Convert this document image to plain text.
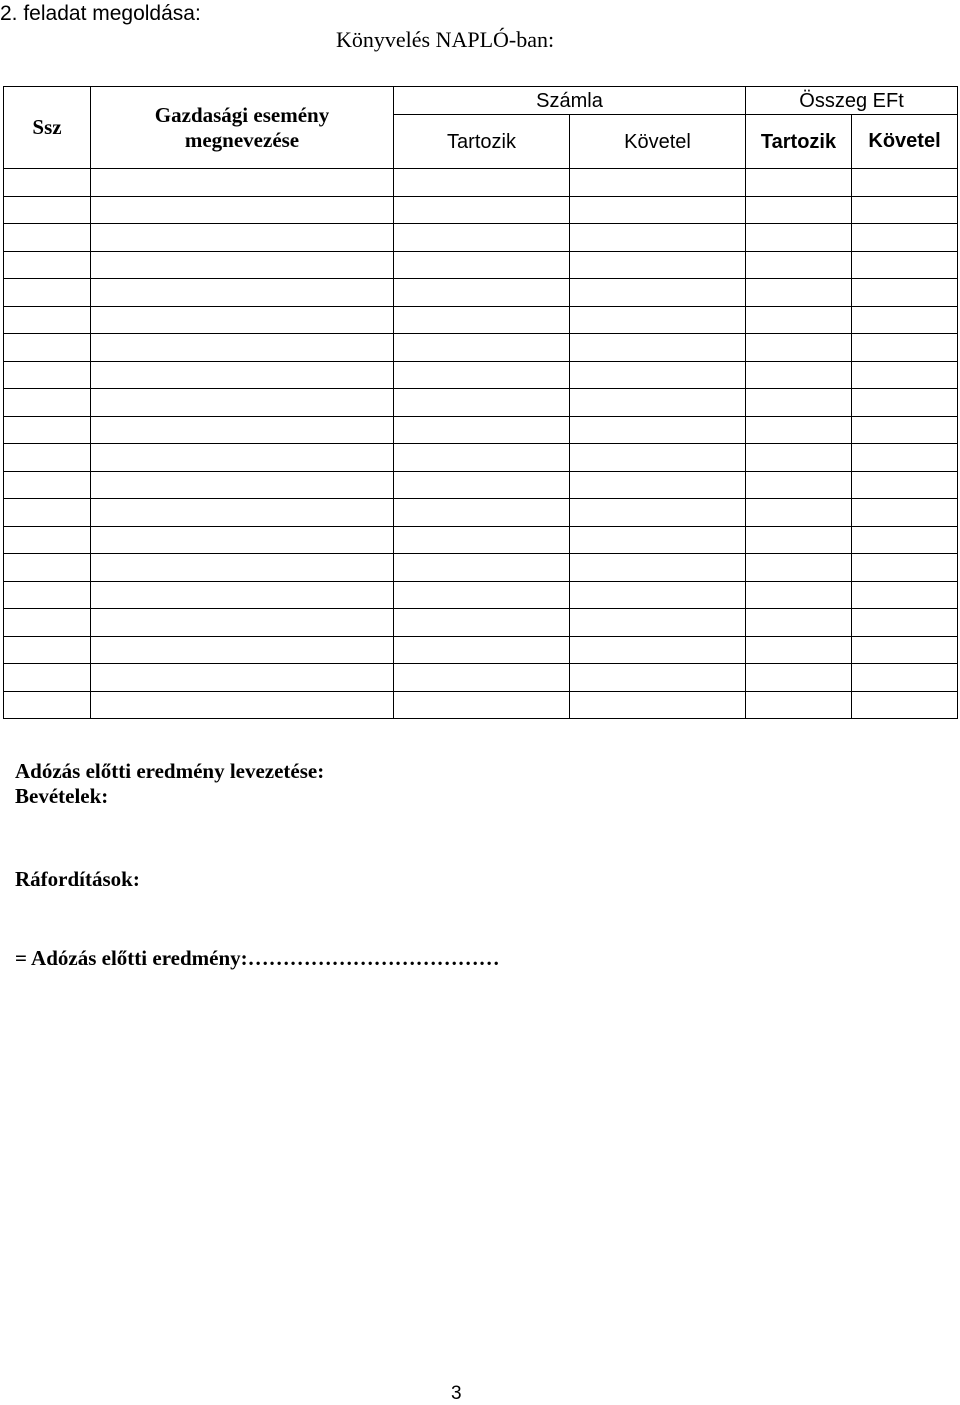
2. feladat megoldása:
Könyvelés NAPLÓ-ban:
Ssz	Gazdasági esemény megnevezése	Számla		Összeg EFt	
		Tartozik	Követel	Tartozik	Követel

Adózás előtti eredmény levezetése:
Bevételek:
Ráfordítások:
= Adózás előtti eredmény:………………………………
3
